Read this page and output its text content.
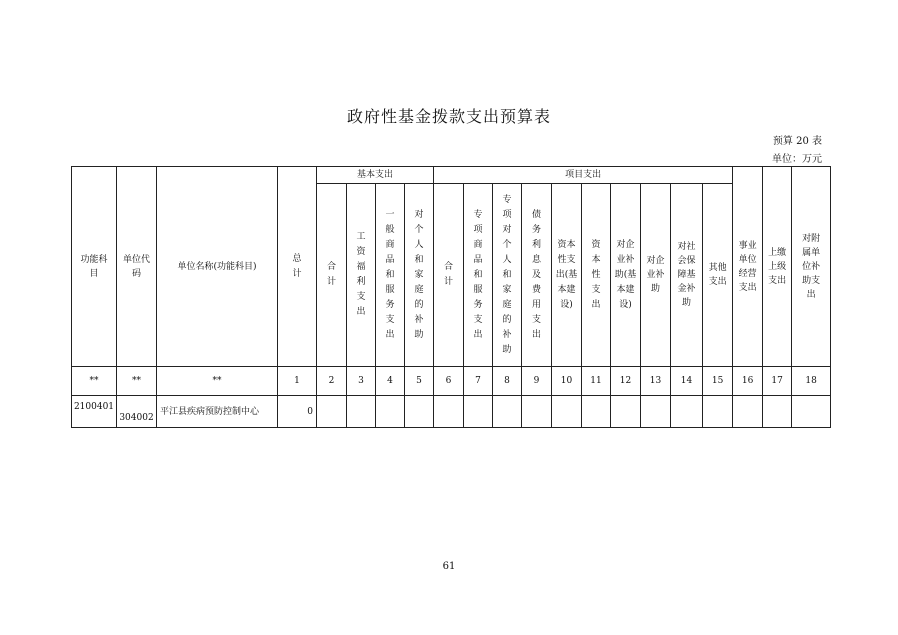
政府性基金拨款支出预算表
预算 20 表
单位：万元
功能科目	单位代码	单位名称(功能科目)	总计	基本支出				项目支出										事业单位经营支出	上缴上级支出	对附属单位补助支出
				合计	工资福利支出	一般商品和服务支出	对个人和家庭的补助	合计	专项商品和服务支出	专项对个人和家庭的补助	债务利息及费用支出	资本性支出(基本建设)	资本性支出	对企业补助(基本建设)	对企业补助	对社会保障基金补助	其他支出			
**	**	**	1	2	3	4	5	6	7	8	9	10	11	12	13	14	15	16	17	18
2100401	304002	平江县疾病预防控制中心	0																	
61
